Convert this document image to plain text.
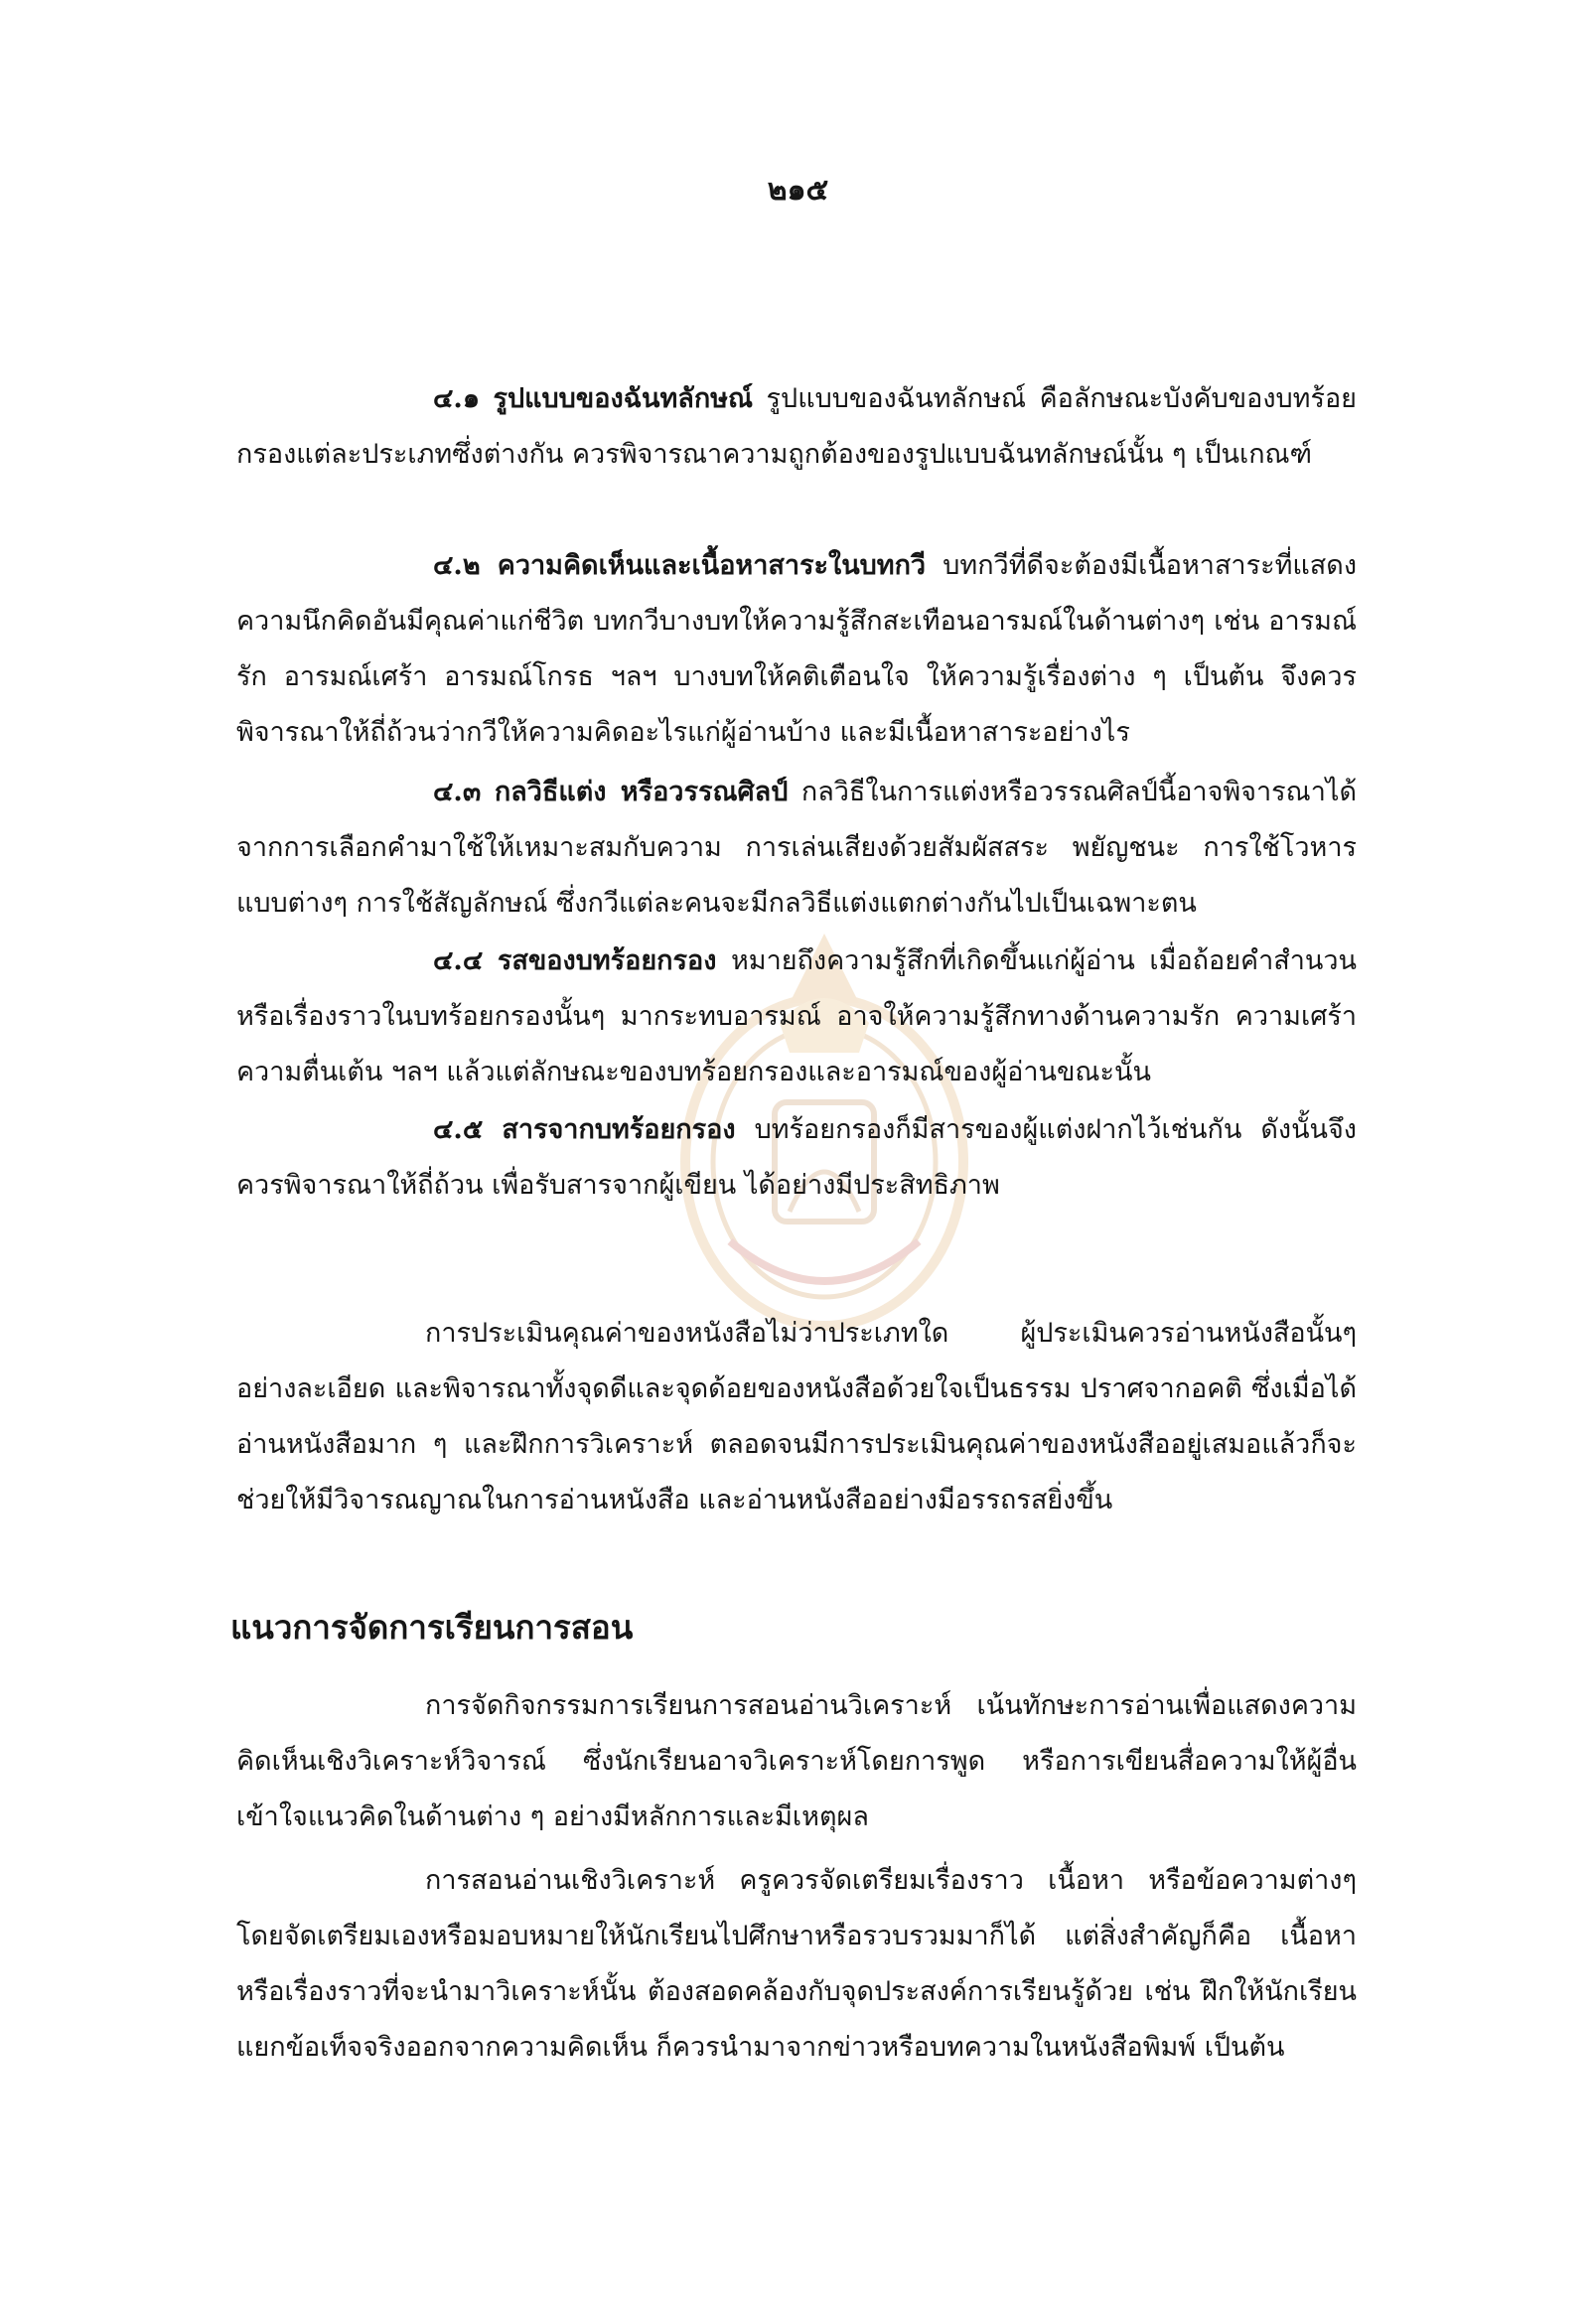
๒๑๕

๔.๑ รูปแบบของฉันทลักษณ์ รูปแบบของฉันทลักษณ์ คือลักษณะบังคับของบทร้อยกรองแต่ละประเภทซึ่งต่างกัน ควรพิจารณาความถูกต้องของรูปแบบฉันทลักษณ์นั้น ๆ เป็นเกณฑ์

๔.๒ ความคิดเห็นและเนื้อหาสาระในบทกวี บทกวีที่ดีจะต้องมีเนื้อหาสาระที่แสดงความนึกคิดอันมีคุณค่าแก่ชีวิต บทกวีบางบทให้ความรู้สึกสะเทือนอารมณ์ในด้านต่างๆ เช่น อารมณ์รัก อารมณ์เศร้า อารมณ์โกรธ ฯลฯ บางบทให้คติเตือนใจ ให้ความรู้เรื่องต่าง ๆ เป็นต้น จึงควรพิจารณาให้ถี่ถ้วนว่ากวีให้ความคิดอะไรแก่ผู้อ่านบ้าง และมีเนื้อหาสาระอย่างไร

๔.๓ กลวิธีแต่ง หรือวรรณศิลป์ กลวิธีในการแต่งหรือวรรณศิลป์นี้อาจพิจารณาได้จากการเลือกคำมาใช้ให้เหมาะสมกับความ การเล่นเสียงด้วยสัมผัสสระ พยัญชนะ การใช้โวหารแบบต่างๆ การใช้สัญลักษณ์ ซึ่งกวีแต่ละคนจะมีกลวิธีแต่งแตกต่างกันไปเป็นเฉพาะตน

๔.๔ รสของบทร้อยกรอง หมายถึงความรู้สึกที่เกิดขึ้นแก่ผู้อ่าน เมื่อถ้อยคำสำนวนหรือเรื่องราวในบทร้อยกรองนั้นๆ มากระทบอารมณ์ อาจให้ความรู้สึกทางด้านความรัก ความเศร้า ความตื่นเต้น ฯลฯ แล้วแต่ลักษณะของบทร้อยกรองและอารมณ์ของผู้อ่านขณะนั้น

๔.๕ สารจากบทร้อยกรอง บทร้อยกรองก็มีสารของผู้แต่งฝากไว้เช่นกัน ดังนั้นจึงควรพิจารณาให้ถี่ถ้วน เพื่อรับสารจากผู้เขียน ได้อย่างมีประสิทธิภาพ

การประเมินคุณค่าของหนังสือไม่ว่าประเภทใด ผู้ประเมินควรอ่านหนังสือนั้นๆ อย่างละเอียด และพิจารณาทั้งจุดดีและจุดด้อยของหนังสือด้วยใจเป็นธรรม ปราศจากอคติ ซึ่งเมื่อได้อ่านหนังสือมาก ๆ และฝึกการวิเคราะห์ ตลอดจนมีการประเมินคุณค่าของหนังสืออยู่เสมอแล้วก็จะช่วยให้มีวิจารณญาณในการอ่านหนังสือ และอ่านหนังสืออย่างมีอรรถรสยิ่งขึ้น

แนวการจัดการเรียนการสอน

การจัดกิจกรรมการเรียนการสอนอ่านวิเคราะห์ เน้นทักษะการอ่านเพื่อแสดงความคิดเห็นเชิงวิเคราะห์วิจารณ์ ซึ่งนักเรียนอาจวิเคราะห์โดยการพูด หรือการเขียนสื่อความให้ผู้อื่นเข้าใจแนวคิดในด้านต่าง ๆ อย่างมีหลักการและมีเหตุผล

การสอนอ่านเชิงวิเคราะห์ ครูควรจัดเตรียมเรื่องราว เนื้อหา หรือข้อความต่างๆ โดยจัดเตรียมเองหรือมอบหมายให้นักเรียนไปศึกษาหรือรวบรวมมาก็ได้ แต่สิ่งสำคัญก็คือ เนื้อหาหรือเรื่องราวที่จะนำมาวิเคราะห์นั้น ต้องสอดคล้องกับจุดประสงค์การเรียนรู้ด้วย เช่น ฝึกให้นักเรียนแยกข้อเท็จจริงออกจากความคิดเห็น ก็ควรนำมาจากข่าวหรือบทความในหนังสือพิมพ์ เป็นต้น
